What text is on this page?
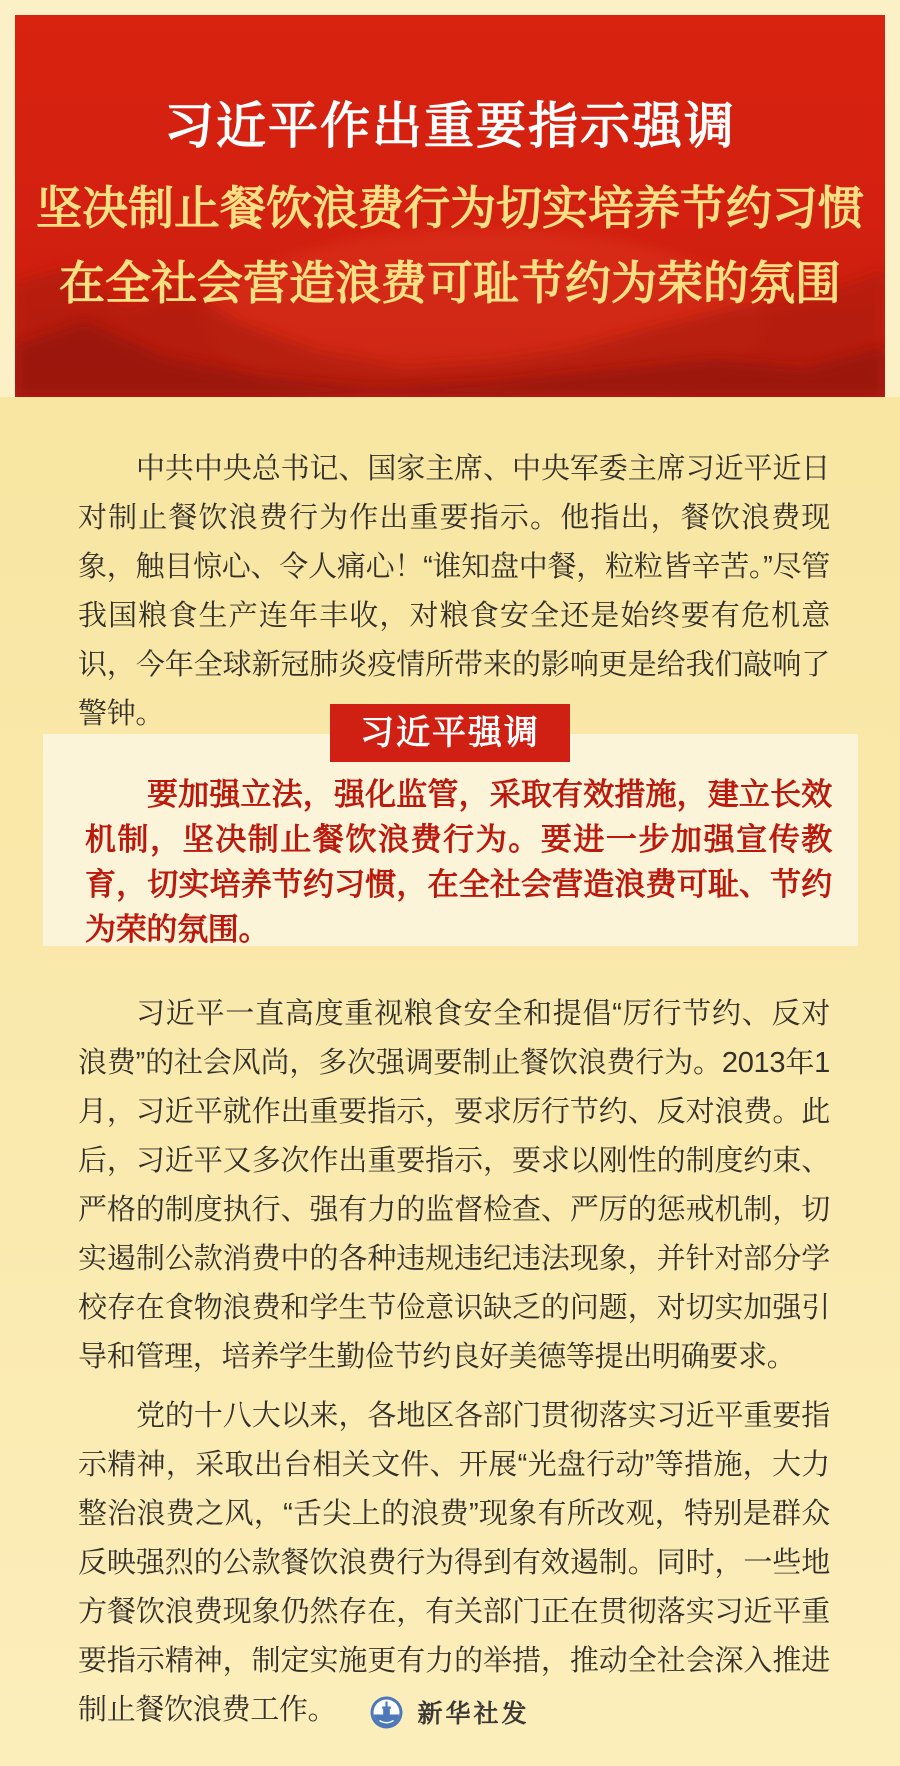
习近平作出重要指示强调
坚决制止餐饮浪费行为切实培养节约习惯
在全社会营造浪费可耻节约为荣的氛围

中共中央总书记、国家主席、中央军委主席习近平近日对制止餐饮浪费行为作出重要指示。他指出，餐饮浪费现象，触目惊心、令人痛心！“谁知盘中餐，粒粒皆辛苦。”尽管我国粮食生产连年丰收，对粮食安全还是始终要有危机意识，今年全球新冠肺炎疫情所带来的影响更是给我们敲响了警钟。

要加强立法，强化监管，采取有效措施，建立长效机制，坚决制止餐饮浪费行为。要进一步加强宣传教育，切实培养节约习惯，在全社会营造浪费可耻、节约为荣的氛围。

习近平强调

习近平一直高度重视粮食安全和提倡“厉行节约、反对浪费”的社会风尚，多次强调要制止餐饮浪费行为。2013年1月，习近平就作出重要指示，要求厉行节约、反对浪费。此后，习近平又多次作出重要指示，要求以刚性的制度约束、严格的制度执行、强有力的监督检查、严厉的惩戒机制，切实遏制公款消费中的各种违规违纪违法现象，并针对部分学校存在食物浪费和学生节俭意识缺乏的问题，对切实加强引导和管理，培养学生勤俭节约良好美德等提出明确要求。

党的十八大以来，各地区各部门贯彻落实习近平重要指示精神，采取出台相关文件、开展“光盘行动”等措施，大力整治浪费之风，“舌尖上的浪费”现象有所改观，特别是群众反映强烈的公款餐饮浪费行为得到有效遏制。同时，一些地方餐饮浪费现象仍然存在，有关部门正在贯彻落实习近平重要指示精神，制定实施更有力的举措，推动全社会深入推进制止餐饮浪费工作。	新华社发
